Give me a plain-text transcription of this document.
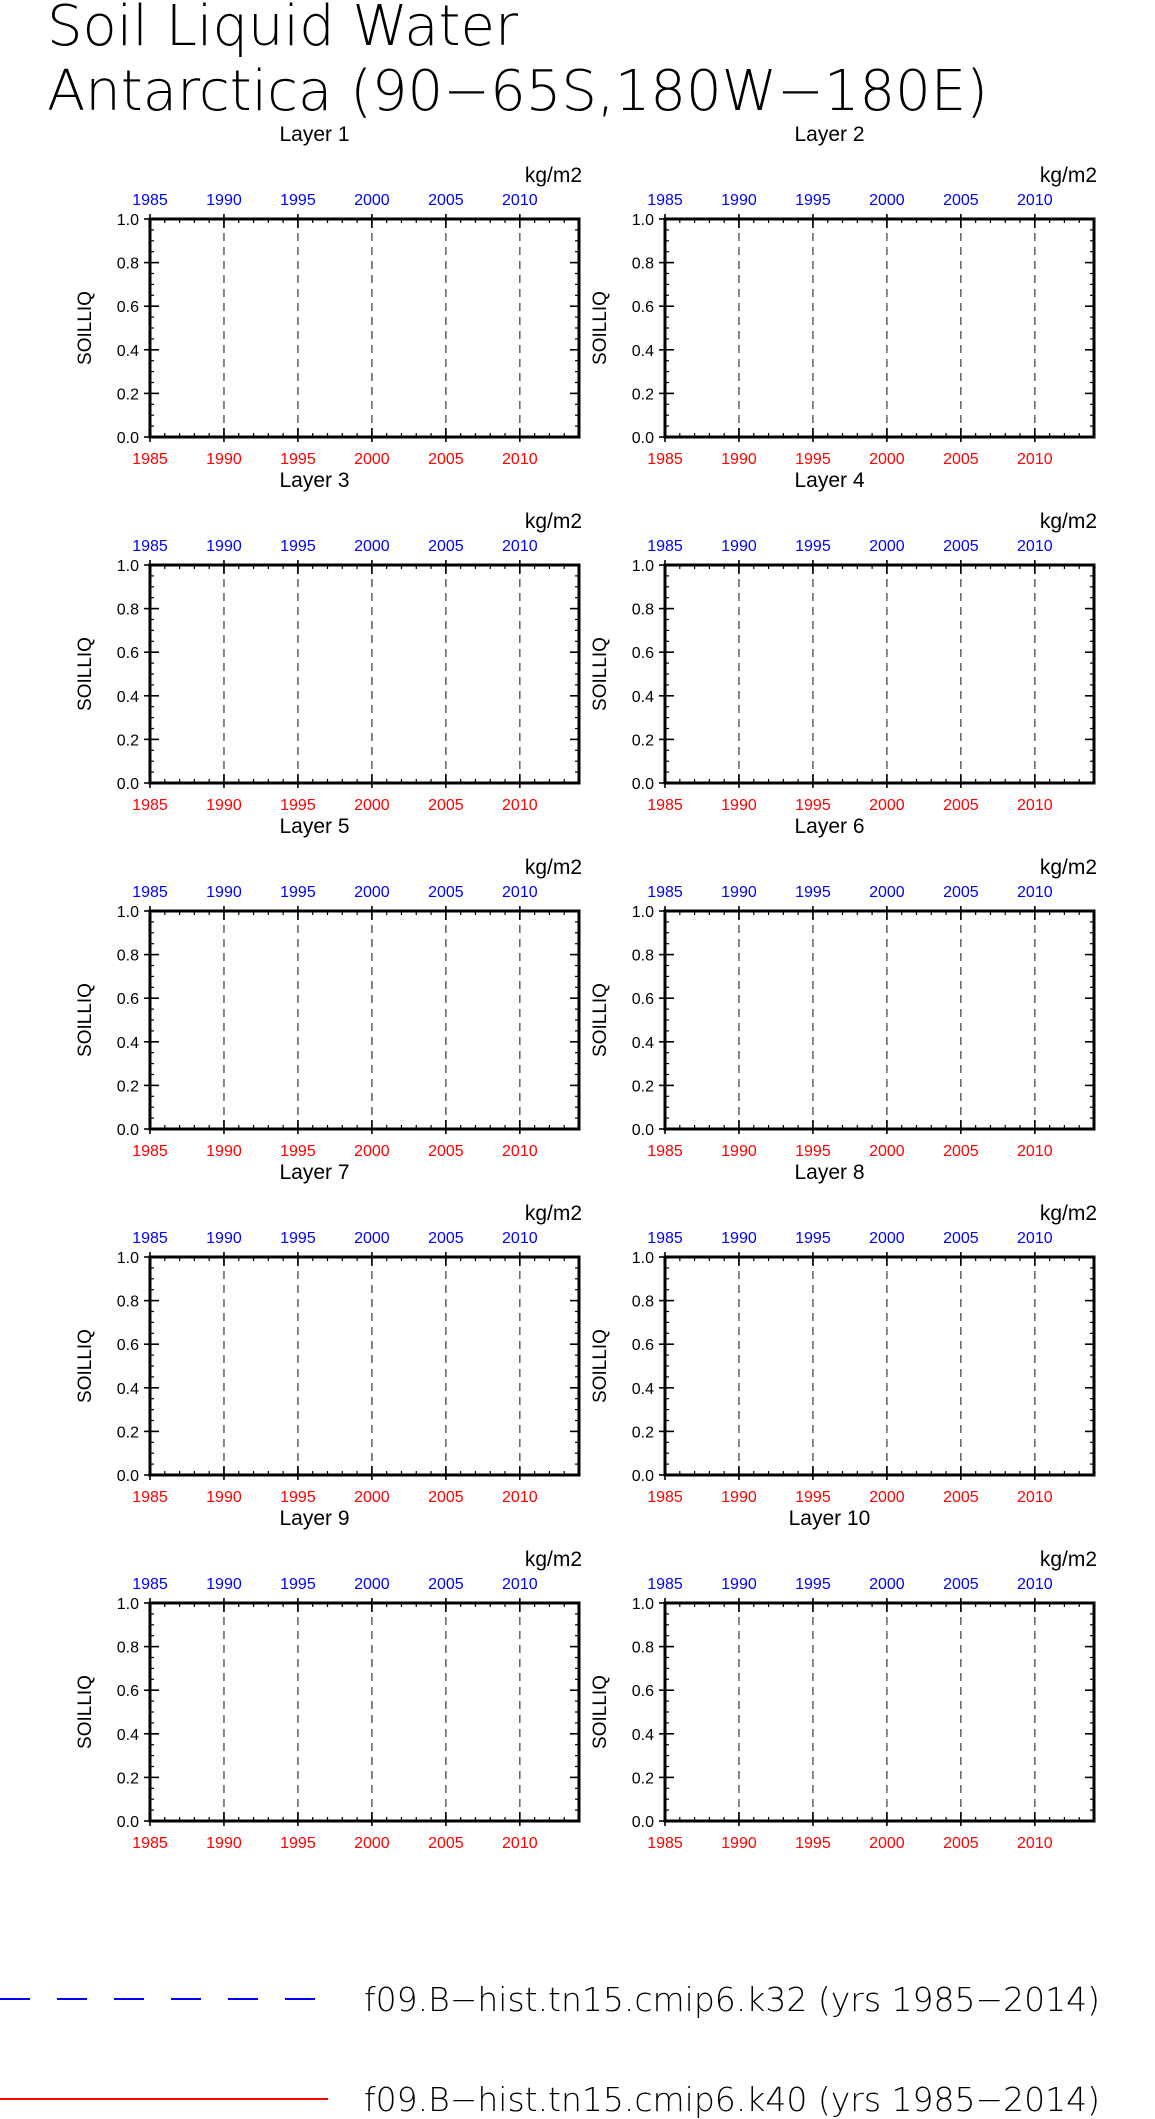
Soil Liquid Water
Antarctica (90−65S,180W−180E)
Layer 1
kg/m2
1985
1985
1990
1990
1995
1995
2000
2000
2005
2005
2010
2010
0.0
0.2
0.4
0.6
0.8
1.0
SOILLIQ
Layer 2
kg/m2
1985
1985
1990
1990
1995
1995
2000
2000
2005
2005
2010
2010
0.0
0.2
0.4
0.6
0.8
1.0
SOILLIQ
Layer 3
kg/m2
1985
1985
1990
1990
1995
1995
2000
2000
2005
2005
2010
2010
0.0
0.2
0.4
0.6
0.8
1.0
SOILLIQ
Layer 4
kg/m2
1985
1985
1990
1990
1995
1995
2000
2000
2005
2005
2010
2010
0.0
0.2
0.4
0.6
0.8
1.0
SOILLIQ
Layer 5
kg/m2
1985
1985
1990
1990
1995
1995
2000
2000
2005
2005
2010
2010
0.0
0.2
0.4
0.6
0.8
1.0
SOILLIQ
Layer 6
kg/m2
1985
1985
1990
1990
1995
1995
2000
2000
2005
2005
2010
2010
0.0
0.2
0.4
0.6
0.8
1.0
SOILLIQ
Layer 7
kg/m2
1985
1985
1990
1990
1995
1995
2000
2000
2005
2005
2010
2010
0.0
0.2
0.4
0.6
0.8
1.0
SOILLIQ
Layer 8
kg/m2
1985
1985
1990
1990
1995
1995
2000
2000
2005
2005
2010
2010
0.0
0.2
0.4
0.6
0.8
1.0
SOILLIQ
Layer 9
kg/m2
1985
1985
1990
1990
1995
1995
2000
2000
2005
2005
2010
2010
0.0
0.2
0.4
0.6
0.8
1.0
SOILLIQ
Layer 10
kg/m2
1985
1985
1990
1990
1995
1995
2000
2000
2005
2005
2010
2010
0.0
0.2
0.4
0.6
0.8
1.0
SOILLIQ
f09.B−hist.tn15.cmip6.k32 (yrs 1985−2014)
f09.B−hist.tn15.cmip6.k40 (yrs 1985−2014)
